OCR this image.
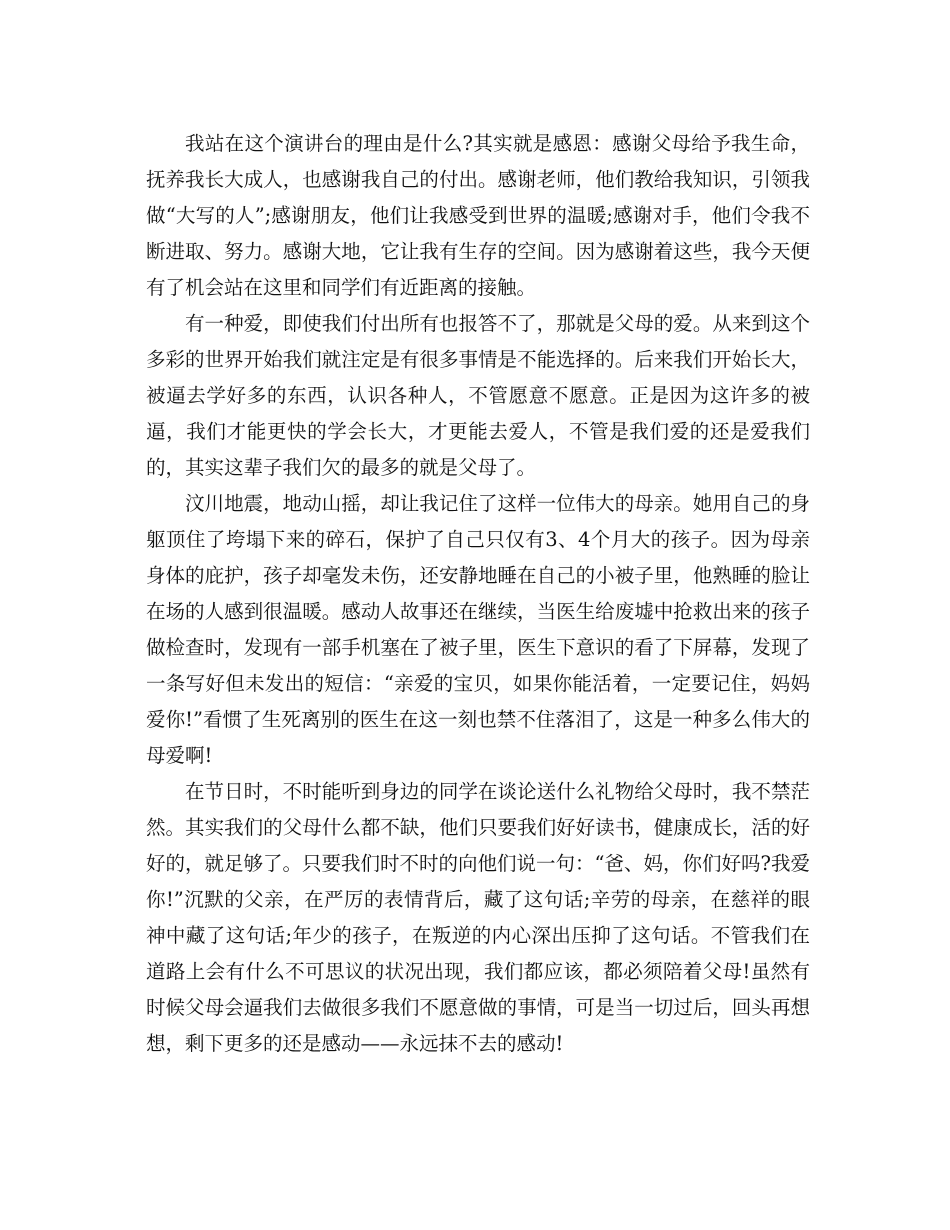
我站在这个演讲台的理由是什么?其实就是感恩：感谢父母给予我生命，抚养我长大成人，也感谢我自己的付出。感谢老师，他们教给我知识，引领我做“大写的人”;感谢朋友，他们让我感受到世界的温暖;感谢对手，他们令我不断进取、努力。感谢大地，它让我有生存的空间。因为感谢着这些，我今天便有了机会站在这里和同学们有近距离的接触。

有一种爱，即使我们付出所有也报答不了，那就是父母的爱。从来到这个多彩的世界开始我们就注定是有很多事情是不能选择的。后来我们开始长大，被逼去学好多的东西，认识各种人，不管愿意不愿意。正是因为这许多的被逼，我们才能更快的学会长大，才更能去爱人，不管是我们爱的还是爱我们的，其实这辈子我们欠的最多的就是父母了。

汶川地震，地动山摇，却让我记住了这样一位伟大的母亲。她用自己的身躯顶住了垮塌下来的碎石，保护了自己只仅有3、4个月大的孩子。因为母亲身体的庇护，孩子却毫发未伤，还安静地睡在自己的小被子里，他熟睡的脸让在场的人感到很温暖。感动人故事还在继续，当医生给废墟中抢救出来的孩子做检查时，发现有一部手机塞在了被子里，医生下意识的看了下屏幕，发现了一条写好但未发出的短信：“亲爱的宝贝，如果你能活着，一定要记住，妈妈爱你!”看惯了生死离别的医生在这一刻也禁不住落泪了，这是一种多么伟大的母爱啊!

在节日时，不时能听到身边的同学在谈论送什么礼物给父母时，我不禁茫然。其实我们的父母什么都不缺，他们只要我们好好读书，健康成长，活的好好的，就足够了。只要我们时不时的向他们说一句：“爸、妈，你们好吗?我爱你!”沉默的父亲，在严厉的表情背后，藏了这句话;辛劳的母亲，在慈祥的眼神中藏了这句话;年少的孩子，在叛逆的内心深出压抑了这句话。不管我们在道路上会有什么不可思议的状况出现，我们都应该，都必须陪着父母!虽然有时候父母会逼我们去做很多我们不愿意做的事情，可是当一切过后，回头再想想，剩下更多的还是感动——永远抹不去的感动!
